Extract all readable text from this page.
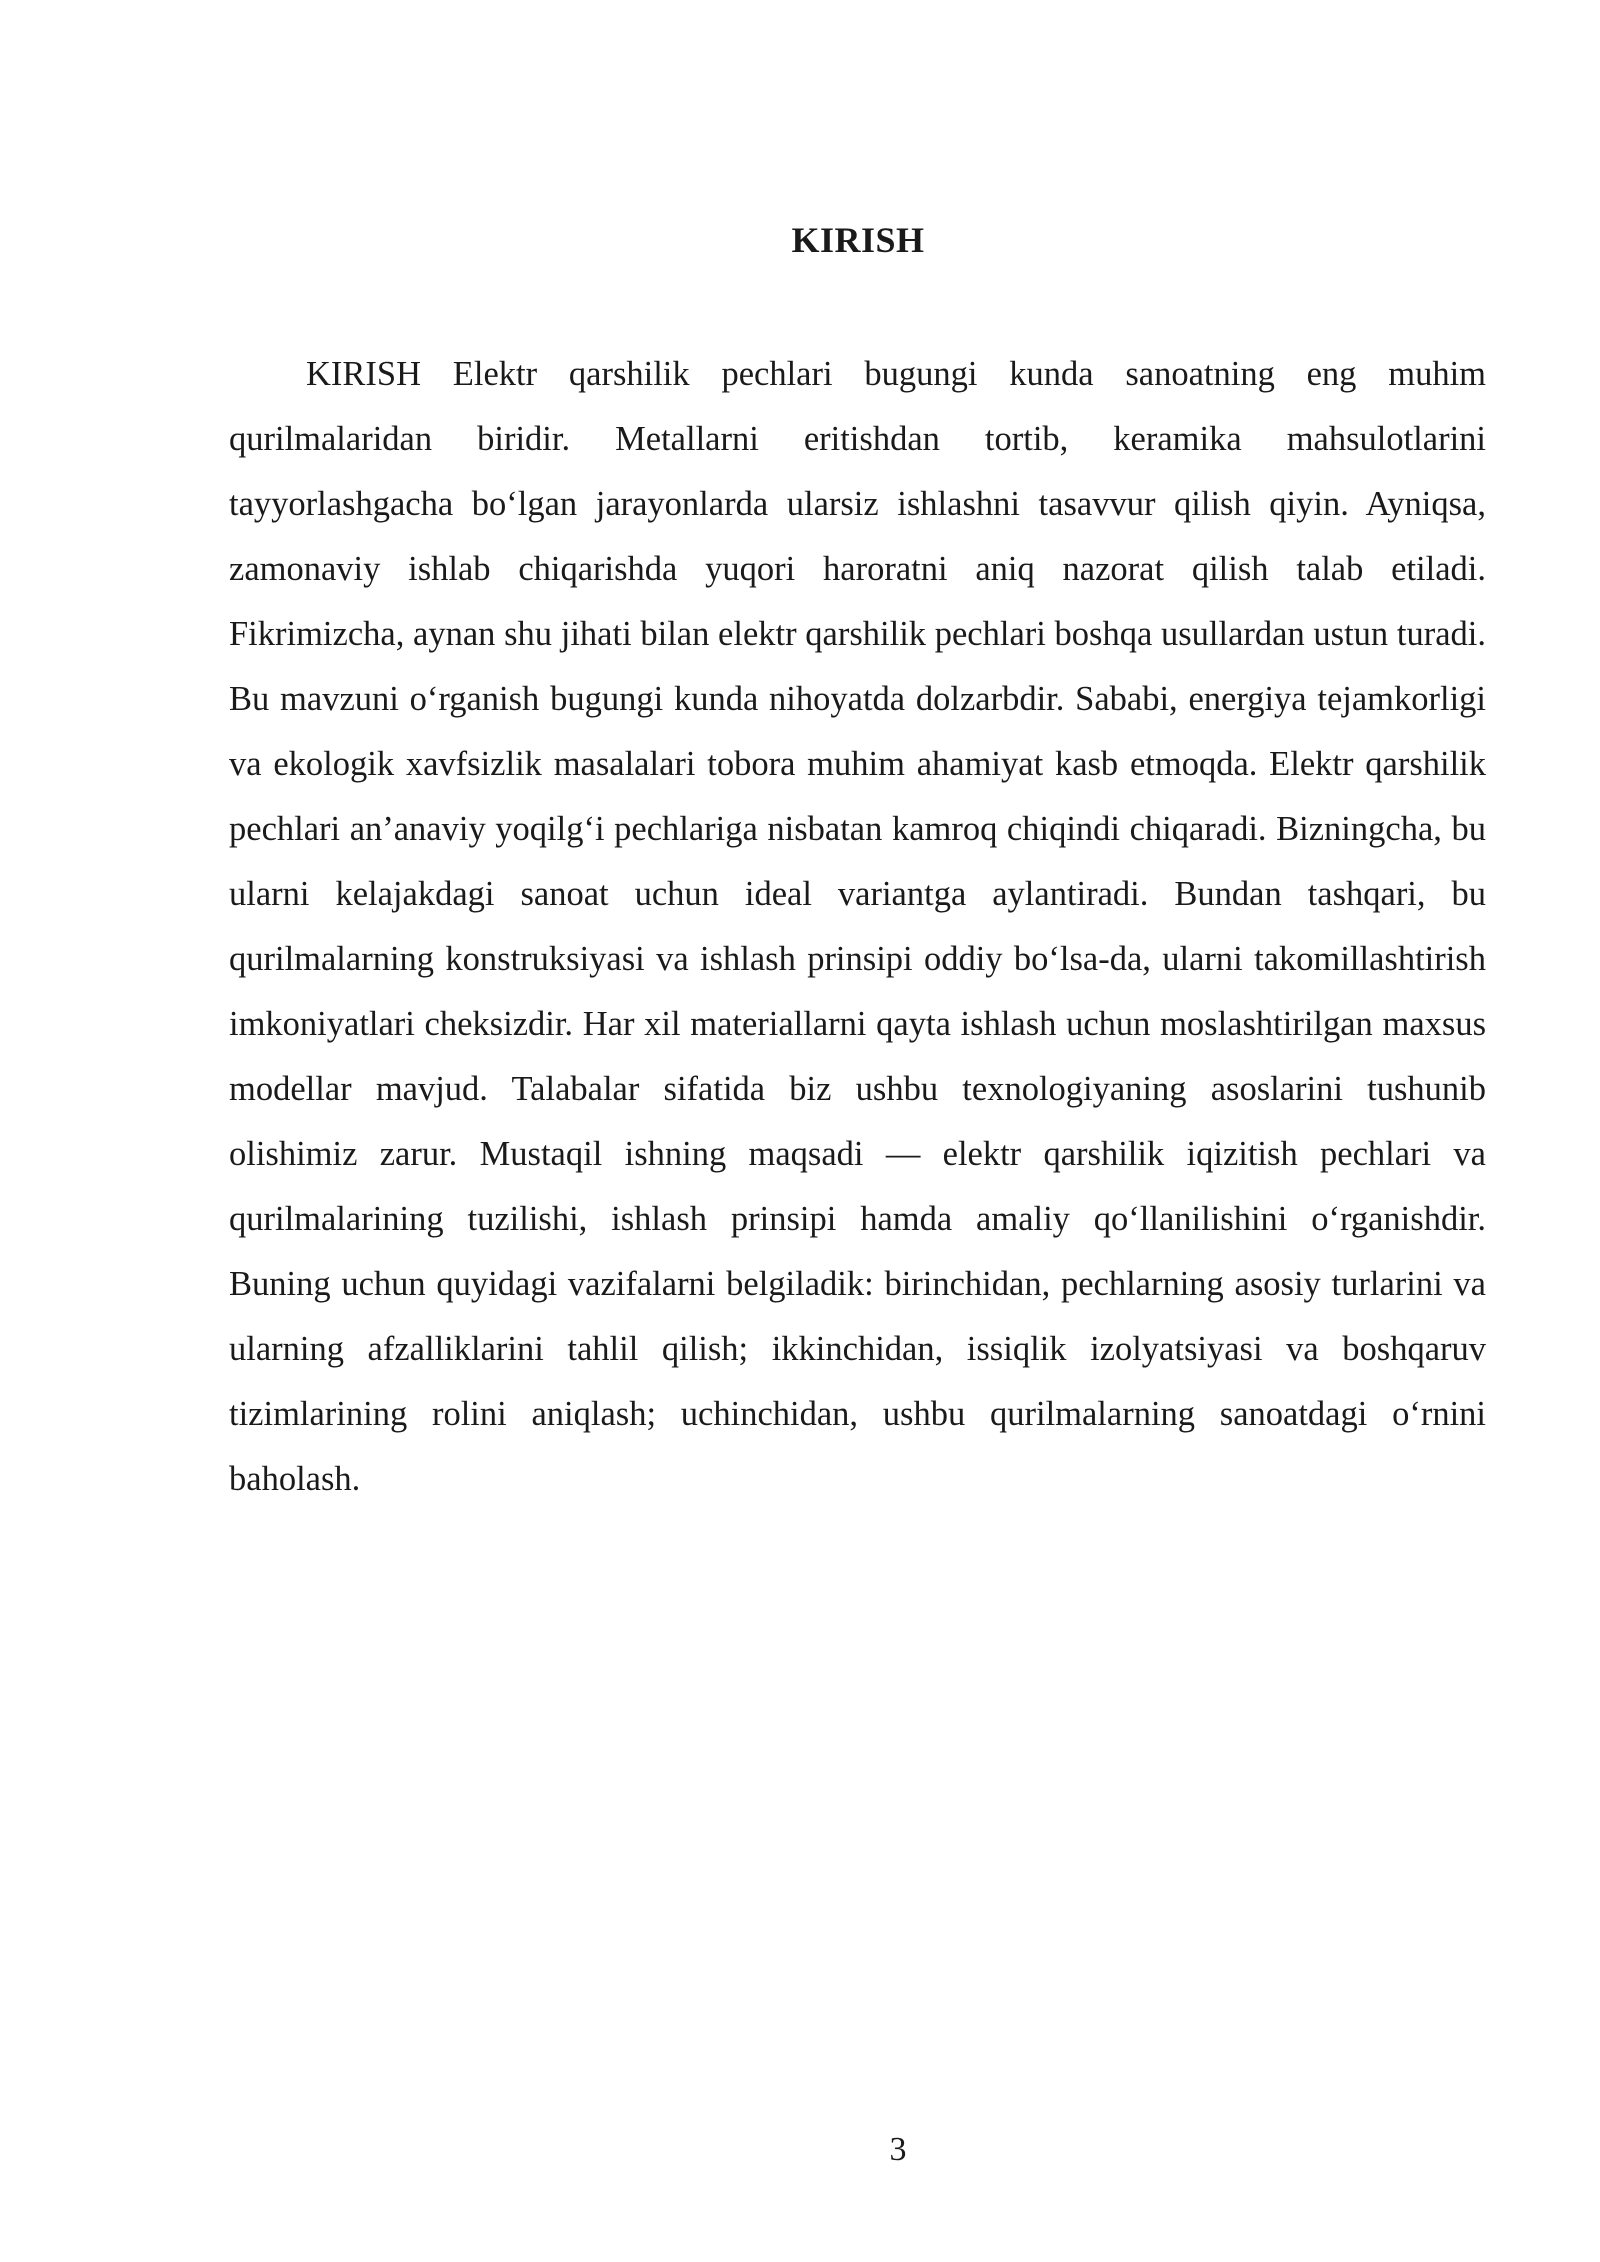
KIRISH

KIRISH Elektr qarshilik pechlari bugungi kunda sanoatning eng muhim qurilmalaridan biridir. Metallarni eritishdan tortib, keramika mahsulotlarini tayyorlashgacha bo‘lgan jarayonlarda ularsiz ishlashni tasavvur qilish qiyin. Ayniqsa, zamonaviy ishlab chiqarishda yuqori haroratni aniq nazorat qilish talab etiladi. Fikrimizcha, aynan shu jihati bilan elektr qarshilik pechlari boshqa usullardan ustun turadi. Bu mavzuni o‘rganish bugungi kunda nihoyatda dolzarbdir. Sababi, energiya tejamkorligi va ekologik xavfsizlik masalalari tobora muhim ahamiyat kasb etmoqda. Elektr qarshilik pechlari an’anaviy yoqilg‘i pechlariga nisbatan kamroq chiqindi chiqaradi. Bizningcha, bu ularni kelajakdagi sanoat uchun ideal variantga aylantiradi. Bundan tashqari, bu qurilmalarning konstruksiyasi va ishlash prinsipi oddiy bo‘lsa-da, ularni takomillashtirish imkoniyatlari cheksizdir. Har xil materiallarni qayta ishlash uchun moslashtirilgan maxsus modellar mavjud. Talabalar sifatida biz ushbu texnologiyaning asoslarini tushunib olishimiz zarur. Mustaqil ishning maqsadi — elektr qarshilik iqizitish pechlari va qurilmalarining tuzilishi, ishlash prinsipi hamda amaliy qo‘llanilishini o‘rganishdir. Buning uchun quyidagi vazifalarni belgiladik: birinchidan, pechlarning asosiy turlarini va ularning afzalliklarini tahlil qilish; ikkinchidan, issiqlik izolyatsiyasi va boshqaruv tizimlarining rolini aniqlash; uchinchidan, ushbu qurilmalarning sanoatdagi o‘rnini baholash.

3
